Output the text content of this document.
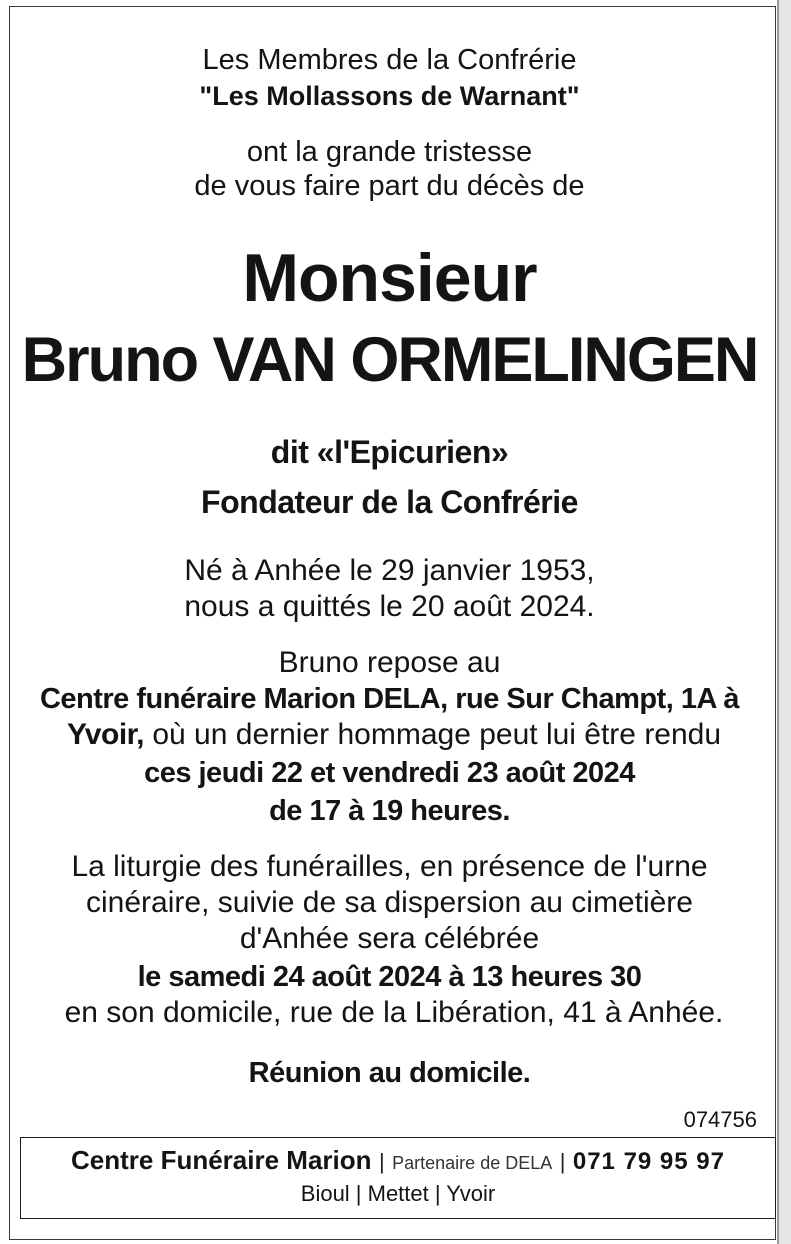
Les Membres de la Confrérie
"Les Mollassons de Warnant"
ont la grande tristesse
de vous faire part du décès de
Monsieur
Bruno VAN ORMELINGEN
dit «l'Epicurien»
Fondateur de la Confrérie
Né à Anhée le 29 janvier 1953,
nous a quittés le 20 août 2024.
Bruno repose au
Centre funéraire Marion DELA, rue Sur Champt, 1A à
Yvoir, où un dernier hommage peut lui être rendu
ces jeudi 22 et vendredi 23 août 2024
de 17 à 19 heures.
La liturgie des funérailles, en présence de l'urne
cinéraire, suivie de sa dispersion au cimetière
d'Anhée sera célébrée
le samedi 24 août 2024 à 13 heures 30
en son domicile, rue de la Libération, 41 à Anhée.
Réunion au domicile.
074756
Centre Funéraire Marion | Partenaire de DELA | 071 79 95 97
Bioul | Mettet | Yvoir
